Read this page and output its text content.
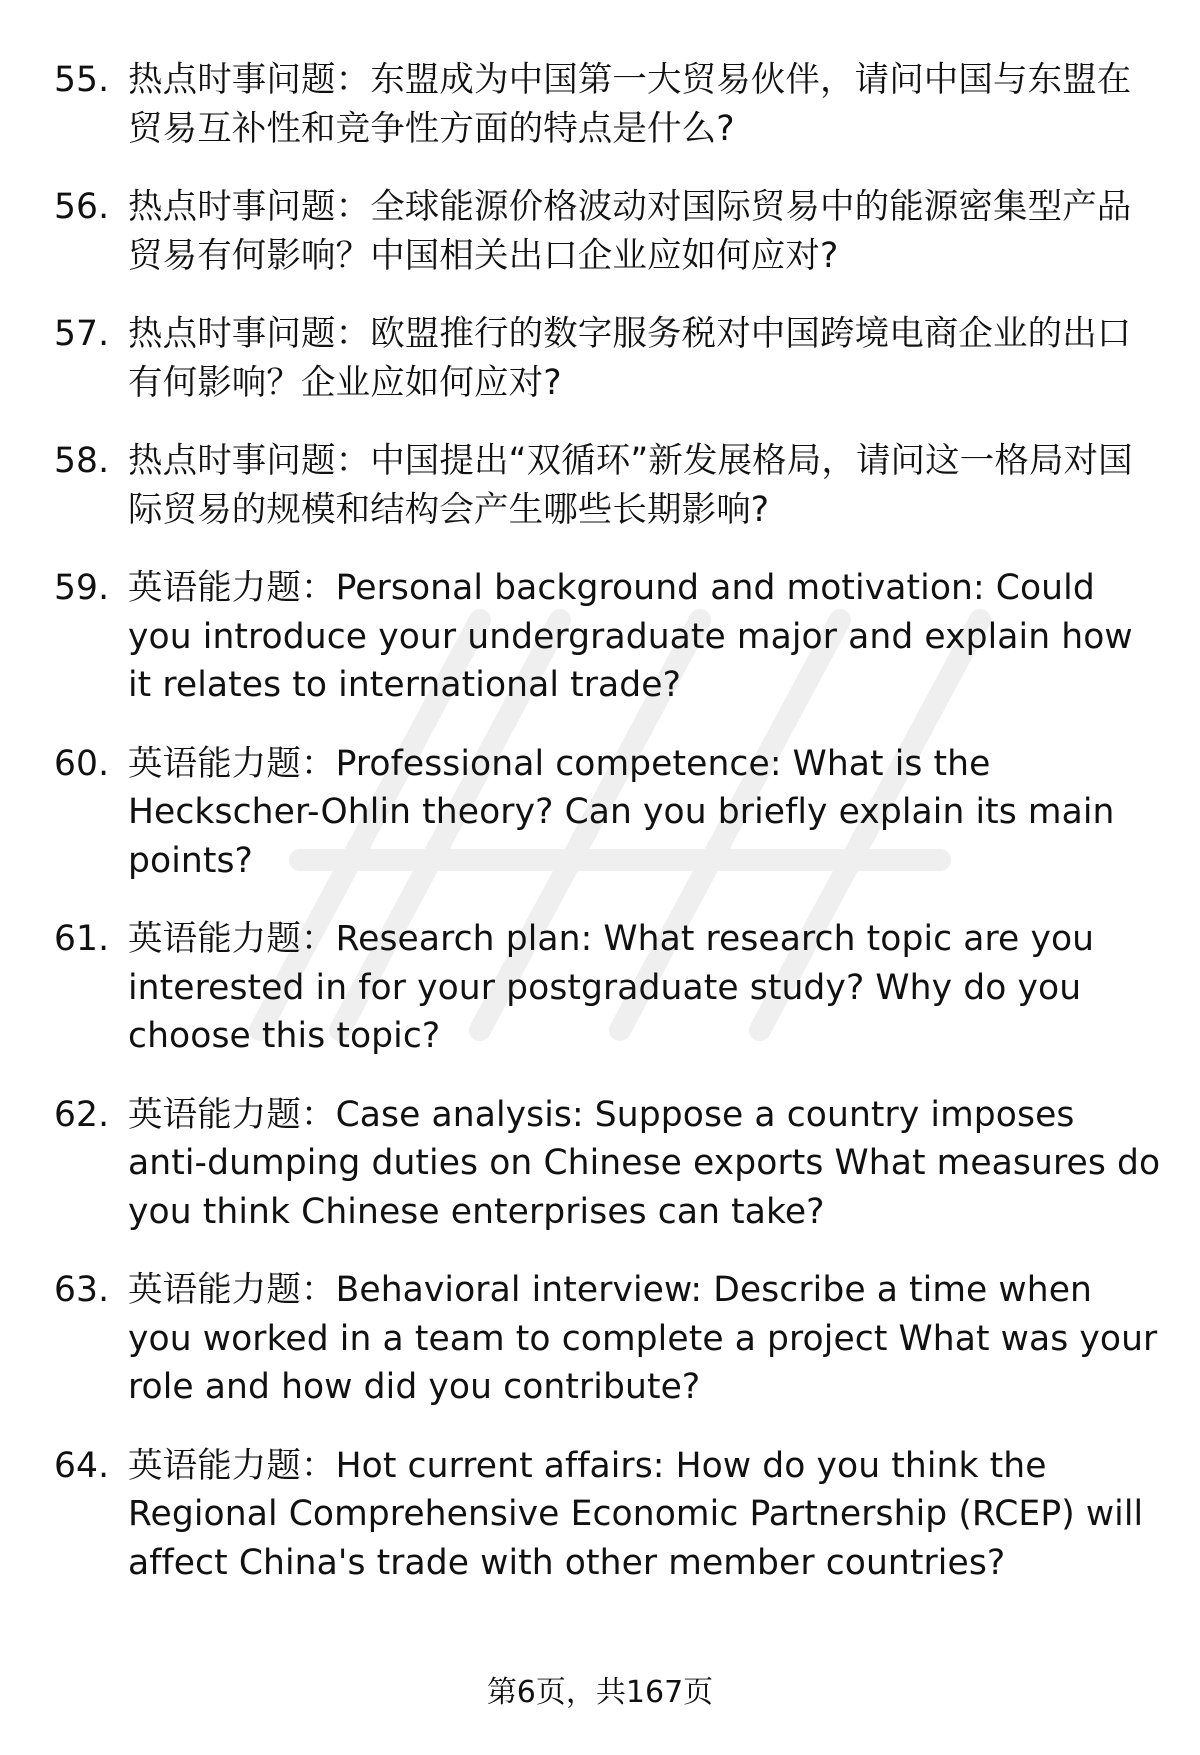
55. 热点时事问题：东盟成为中国第一大贸易伙伴，请问中国与东盟在贸易互补性和竞争性方面的特点是什么?
56. 热点时事问题：全球能源价格波动对国际贸易中的能源密集型产品贸易有何影响？中国相关出口企业应如何应对?
57. 热点时事问题：欧盟推行的数字服务税对中国跨境电商企业的出口有何影响？企业应如何应对?
58. 热点时事问题：中国提出“双循环”新发展格局，请问这一格局对国际贸易的规模和结构会产生哪些长期影响?
59. 英语能力题：Personal background and motivation: Could you introduce your undergraduate major and explain how it relates to international trade?
60. 英语能力题：Professional competence: What is the Heckscher-Ohlin theory? Can you briefly explain its main points?
61. 英语能力题：Research plan: What research topic are you interested in for your postgraduate study? Why do you choose this topic?
62. 英语能力题：Case analysis: Suppose a country imposes anti-dumping duties on Chinese exports What measures do you think Chinese enterprises can take?
63. 英语能力题：Behavioral interview: Describe a time when you worked in a team to complete a project What was your role and how did you contribute?
64. 英语能力题：Hot current affairs: How do you think the Regional Comprehensive Economic Partnership (RCEP) will affect China's trade with other member countries?
第6页，共167页
